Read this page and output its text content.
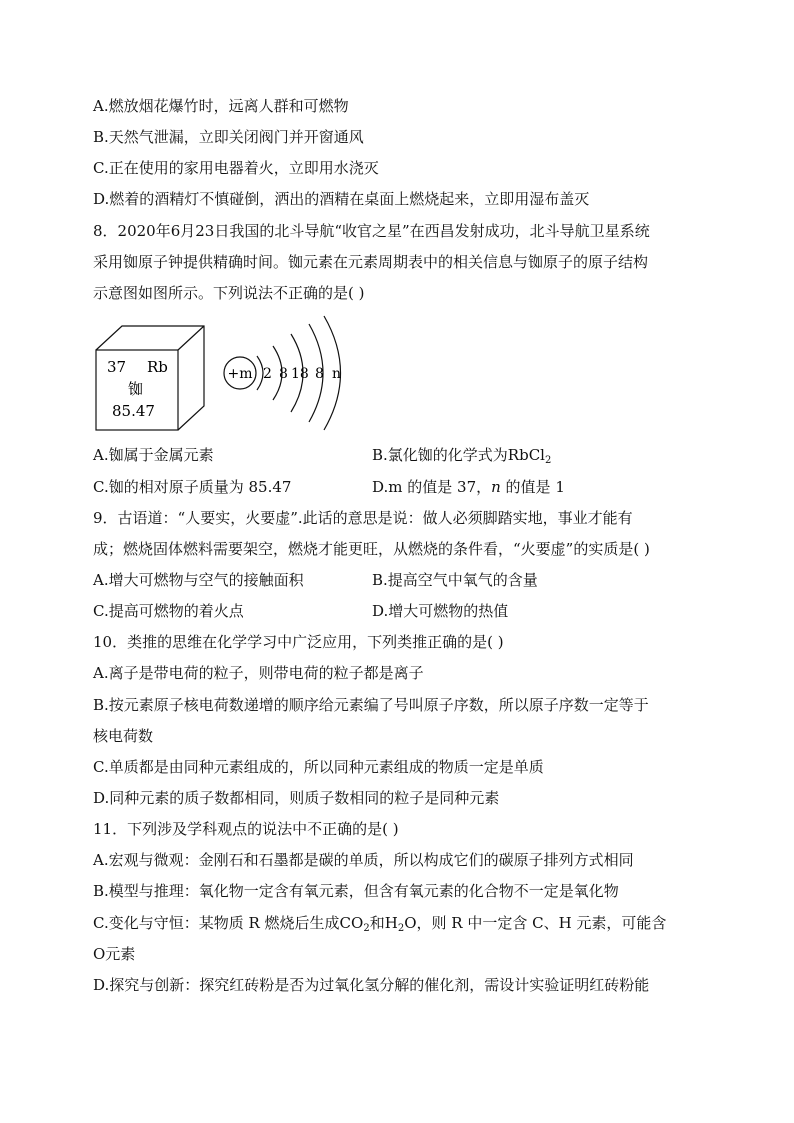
A.燃放烟花爆竹时，远离人群和可燃物
B.天然气泄漏，立即关闭阀门并开窗通风
C.正在使用的家用电器着火，立即用水浇灭
D.燃着的酒精灯不慎碰倒，洒出的酒精在桌面上燃烧起来，立即用湿布盖灭
8．2020年6月23日我国的北斗导航“收官之星”在西昌发射成功，北斗导航卫星系统
采用铷原子钟提供精确时间。铷元素在元素周期表中的相关信息与铷原子的原子结构
示意图如图所示。下列说法不正确的是( )
37 Rb
铷
85.47
+m 2 8 18 8 n
A.铷属于金属元素	B.氯化铷的化学式为RbCl$_2$
C.铷的相对原子质量为 85.47	D.m 的值是 37，n 的值是 1
9．古语道：“人要实，火要虚”.此话的意思是说：做人必须脚踏实地，事业才能有
成；燃烧固体燃料需要架空，燃烧才能更旺，从燃烧的条件看，“火要虚”的实质是( )
A.增大可燃物与空气的接触面积	B.提高空气中氧气的含量
C.提高可燃物的着火点	D.增大可燃物的热值
10．类推的思维在化学学习中广泛应用，下列类推正确的是( )
A.离子是带电荷的粒子，则带电荷的粒子都是离子
B.按元素原子核电荷数递增的顺序给元素编了号叫原子序数，所以原子序数一定等于
核电荷数
C.单质都是由同种元素组成的，所以同种元素组成的物质一定是单质
D.同种元素的质子数都相同，则质子数相同的粒子是同种元素
11．下列涉及学科观点的说法中不正确的是( )
A.宏观与微观：金刚石和石墨都是碳的单质，所以构成它们的碳原子排列方式相同
B.模型与推理：氧化物一定含有氧元素，但含有氧元素的化合物不一定是氧化物
C.变化与守恒：某物质 R 燃烧后生成$CO_2$和$H_2O$，则 R 中一定含 C、H 元素，可能含
O元素
D.探究与创新：探究红砖粉是否为过氧化氢分解的催化剂，需设计实验证明红砖粉能
